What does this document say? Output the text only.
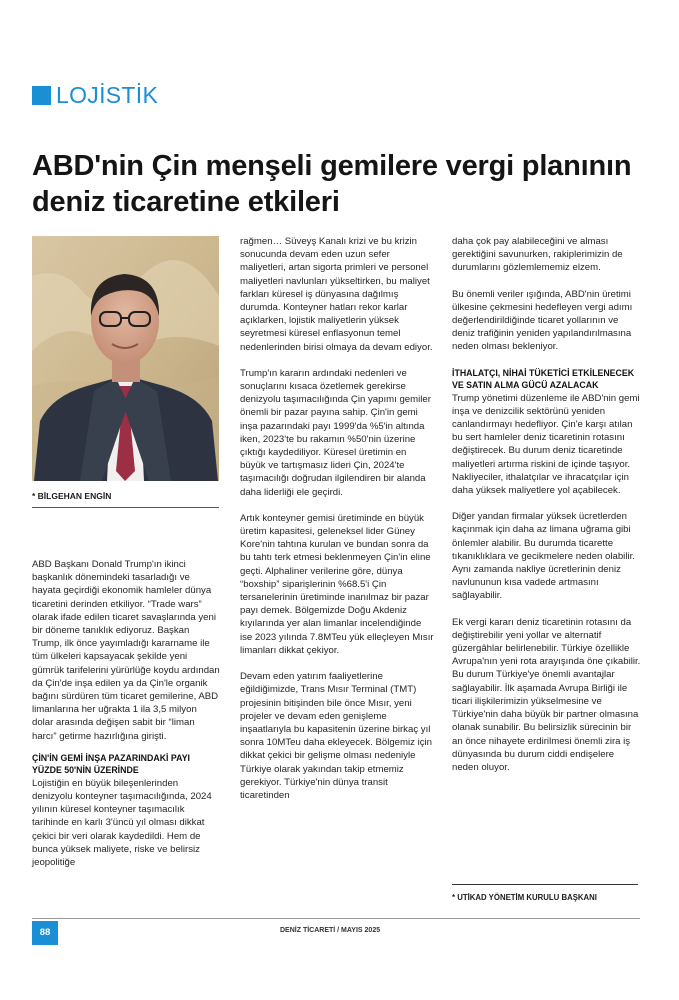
LOJİSTİK
ABD'nin Çin menşeli gemilere vergi planının deniz ticaretine etkileri
* BİLGEHAN ENGİN

ABD Başkanı Donald Trump'ın ikinci başkanlık dönemindeki tasarladığı ve hayata geçirdiği ekonomik hamleler dünya ticaretini derinden etkiliyor. “Trade wars” olarak ifade edilen ticaret savaşlarında yeni bir döneme tanıklık ediyoruz. Başkan Trump, ilk önce yayımladığı kararname ile tüm ülkeleri kapsayacak şekilde yeni gümrük tarifelerini yürürlüğe koydu ardından da Çin'de inşa edilen ya da Çin'le organik bağını sürdüren tüm ticaret gemilerine, ABD limanlarına her uğrakta 1 ila 3,5 milyon dolar arasında değişen sabit bir “liman harcı” getirme hazırlığına girişti.

ÇİN'İN GEMİ İNŞA PAZARINDAKİ PAYI YÜZDE 50'NİN ÜZERİNDE

Lojistiğin en büyük bileşenlerinden denizyolu konteyner taşımacılığında, 2024 yılının küresel konteyner taşımacılık tarihinde en karlı 3'üncü yıl olması dikkat çekici bir veri olarak kaydedildi. Hem de bunca yüksek maliyete, riske ve belirsiz jeopolitiğe

rağmen… Süveyş Kanalı krizi ve bu krizin sonucunda devam eden uzun sefer maliyetleri, artan sigorta primleri ve personel maliyetleri navlunları yükseltirken, bu maliyet farkları küresel iş dünyasına dağılmış durumda. Konteyner hatları rekor karlar açıklarken, lojistik maliyetlerin yüksek seyretmesi küresel enflasyonun temel nedenlerinden birisi olmaya da devam ediyor.

Trump'ın kararın ardındaki nedenleri ve sonuçlarını kısaca özetlemek gerekirse denizyolu taşımacılığında Çin yapımı gemiler önemli bir pazar payına sahip. Çin'in gemi inşa pazarındaki payı 1999'da %5'in altında iken, 2023'te bu rakamın %50'nin üzerine çıktığı kaydediliyor. Küresel üretimin en büyük ve tartışmasız lideri Çin, 2024'te taşımacılığı doğrudan ilgilendiren bir alanda daha liderliği ele geçirdi.

Artık konteyner gemisi üretiminde en büyük üretim kapasitesi, geleneksel lider Güney Kore'nin tahtına kurulan ve bundan sonra da bu tahtı terk etmesi beklenmeyen Çin'in eline geçti. Alphaliner verilerine göre, dünya “boxship” siparişlerinin %68.5'i Çin tersanelerinin üretiminde inanılmaz bir pazar payı demek. Bölgemizde Doğu Akdeniz kıyılarında yer alan limanlar incelendiğinde ise 2023 yılında 7.8MTeu yük elleçleyen Mısır limanları dikkat çekiyor.

Devam eden yatırım faaliyetlerine eğildiğimizde, Trans Mısır Terminal (TMT) projesinin bitişinden bile önce Mısır, yeni projeler ve devam eden genişleme inşaatlarıyla bu kapasitenin üzerine birkaç yıl sonra 10MTeu daha ekleyecek. Bölgemiz için dikkat çekici bir gelişme olması nedeniyle Türkiye olarak yakından takip etmemiz gerekiyor. Türkiye'nin dünya transit ticaretinden

daha çok pay alabileceğini ve alması gerektiğini savunurken, rakiplerimizin de durumlarını gözlemlememiz elzem.

Bu önemli veriler ışığında, ABD'nin üretimi ülkesine çekmesini hedefleyen vergi adımı değerlendirildiğinde ticaret yollarının ve deniz trafiğinin yeniden yapılandırılmasına neden olması bekleniyor.

İTHALATÇI, NİHAİ TÜKETİCİ ETKİLENECEK VE SATIN ALMA GÜCÜ AZALACAK

Trump yönetimi düzenleme ile ABD'nin gemi inşa ve denizcilik sektörünü yeniden canlandırmayı hedefliyor. Çin'e karşı atılan bu sert hamleler deniz ticaretinin rotasını değiştirecek. Bu durum deniz ticaretinde maliyetleri artırma riskini de içinde taşıyor. Nakliyeciler, ithalatçılar ve ihracatçılar için daha yüksek maliyetlere yol açabilecek.

Diğer yandan firmalar yüksek ücretlerden kaçınmak için daha az limana uğrama gibi önlemler alabilir. Bu durumda ticarette tıkanıklıklara ve gecikmelere neden olabilir. Aynı zamanda nakliye ücretlerinin deniz navlununun kısa vadede artmasını sağlayabilir.

Ek vergi kararı deniz ticaretinin rotasını da değiştirebilir yeni yollar ve alternatif güzergâhlar belirlenebilir. Türkiye özellikle Avrupa'nın yeni rota arayışında öne çıkabilir. Bu durum Türkiye'ye önemli avantajlar sağlayabilir. İlk aşamada Avrupa Birliği ile ticari ilişkilerimizin yükselmesine ve Türkiye'nin daha büyük bir partner olmasına olanak sunabilir. Bu belirsizlik sürecinin bir an önce nihayete erdirilmesi önemli zira iş dünyasında bu durum ciddi endişelere neden oluyor.

* UTİKAD YÖNETİM KURULU BAŞKANI
88	DENİZ TİCARETİ / MAYIS 2025
